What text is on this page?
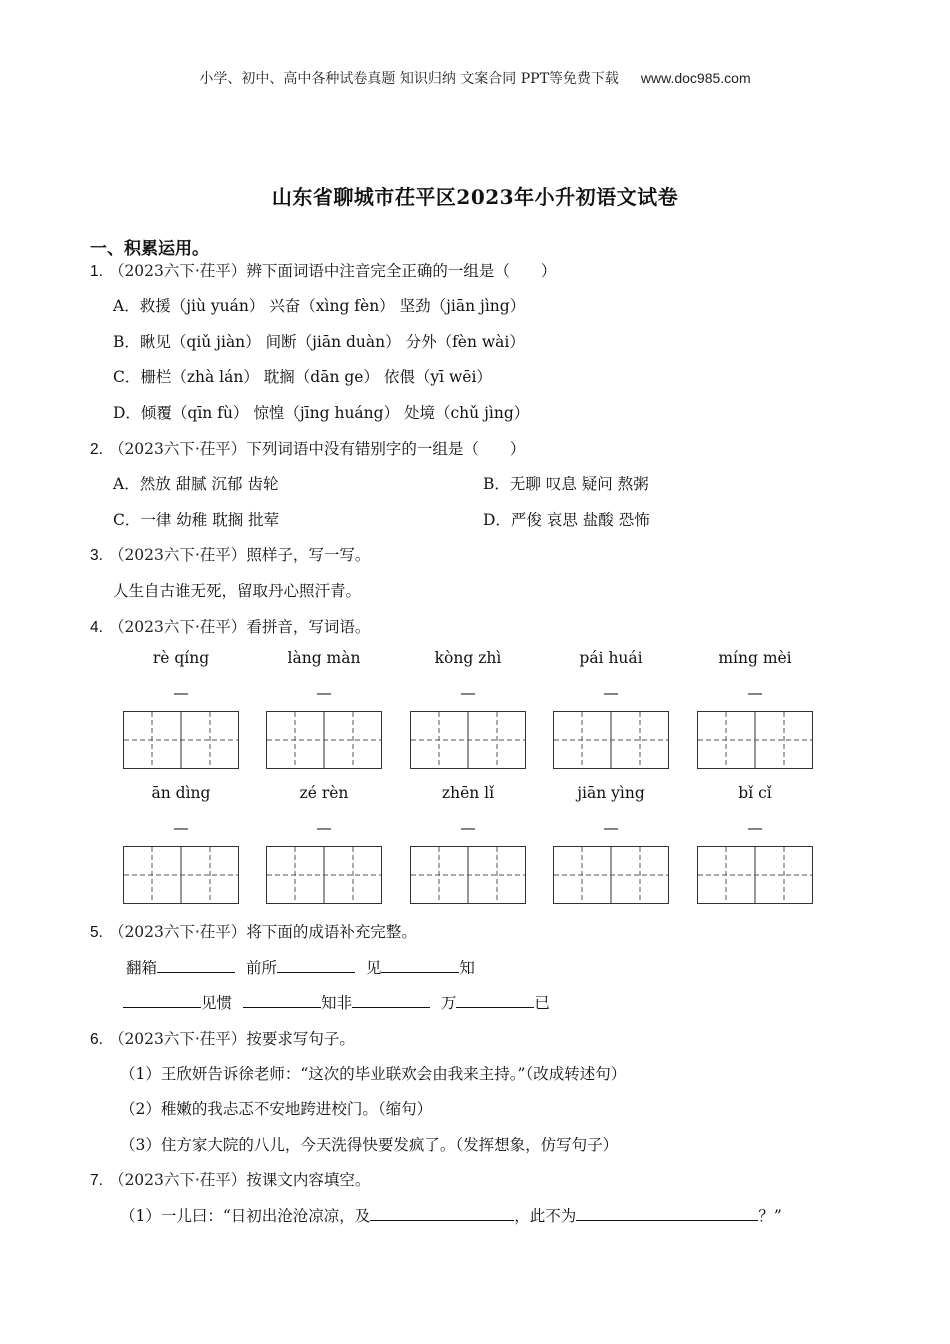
小学、初中、高中各种试卷真题 知识归纳 文案合同 PPT等免费下载 www.doc985.com
山东省聊城市茌平区2023年小升初语文试卷
一、积累运用。
1. （2023六下·茌平）辨下面词语中注音完全正确的一组是（　　）
A．救援（jiù yuán） 兴奋（xìng fèn） 坚劲（jiān jìng）
B．瞅见（qiǔ jiàn） 间断（jiān duàn） 分外（fèn wài）
C．栅栏（zhà lán） 耽搁（dān ge） 依偎（yī wēi）
D．倾覆（qīn fù） 惊惶（jīng huáng） 处境（chǔ jìng）
2. （2023六下·茌平）下列词语中没有错别字的一组是（　　）
A．然放 甜腻 沉郁 齿轮	B．无聊 叹息 疑问 熬粥
C．一律 幼稚 耽搁 批荤	D．严俊 哀思 盐酸 恐怖
3. （2023六下·茌平）照样子，写一写。
人生自古谁无死，留取丹心照汗青。
4. （2023六下·茌平）看拼音，写词语。
rè qíng	làng màn	kòng zhì	pái huái	míng mèi
—	—	—	—	—
ān dìng	zé rèn	zhēn lǐ	jiān yìng	bǐ cǐ
—	—	—	—	—
5. （2023六下·茌平）将下面的成语补充完整。
翻箱	前所	见	知
见惯	知非	万	已
6. （2023六下·茌平）按要求写句子。
（1）王欣妍告诉徐老师：“这次的毕业联欢会由我来主持。”（改成转述句）
（2）稚嫩的我忐忑不安地跨进校门。（缩句）
（3）住方家大院的八儿，今天洗得快要发疯了。（发挥想象，仿写句子）
7. （2023六下·茌平）按课文内容填空。
（1）一儿曰：“日初出沧沧凉凉，及	，此不为	？”
